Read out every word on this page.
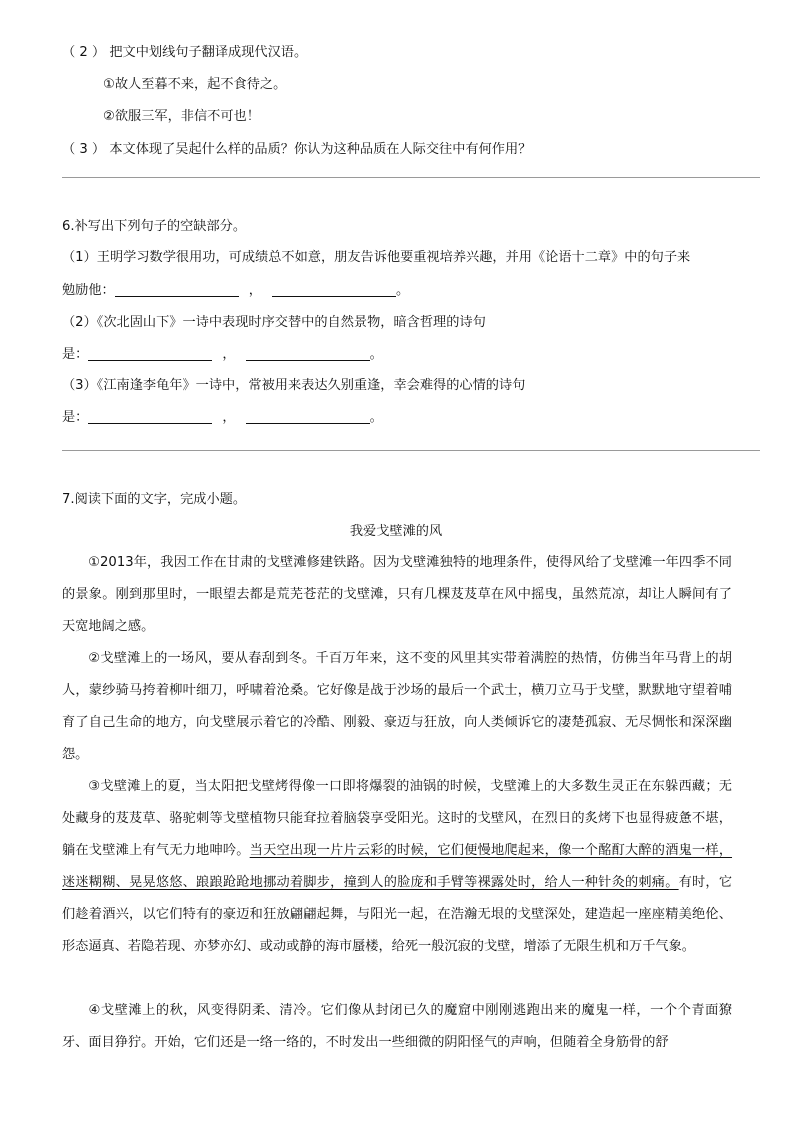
（ 2 ） 把文中划线句子翻译成现代汉语。
①故人至暮不来，起不食待之。
②欲服三军，非信不可也！
（ 3 ） 本文体现了吴起什么样的品质？你认为这种品质在人际交往中有何作用？
6.补写出下列句子的空缺部分。
（1）王明学习数学很用功，可成绩总不如意，朋友告诉他要重视培养兴趣，并用《论语十二章》中的句子来
勉励他：	，	。
（2）《次北固山下》一诗中表现时序交替中的自然景物，暗含哲理的诗句
是：	，	。
（3）《江南逢李龟年》一诗中，常被用来表达久别重逢，幸会难得的心情的诗句
是：	，	。
7.阅读下面的文字，完成小题。
我爱戈壁滩的风
①2013年，我因工作在甘肃的戈壁滩修建铁路。因为戈壁滩独特的地理条件，使得风给了戈壁滩一年四季不同的景象。刚到那里时，一眼望去都是荒芜苍茫的戈壁滩，只有几棵芨芨草在风中摇曳，虽然荒凉，却让人瞬间有了天宽地阔之感。
②戈壁滩上的一场风，要从春刮到冬。千百万年来，这不变的风里其实带着满腔的热情，仿佛当年马背上的胡人，蒙纱骑马挎着柳叶细刀，呼啸着沧桑。它好像是战于沙场的最后一个武士，横刀立马于戈壁，默默地守望着哺育了自己生命的地方，向戈壁展示着它的冷酷、刚毅、豪迈与狂放，向人类倾诉它的凄楚孤寂、无尽惆怅和深深幽怨。
③戈壁滩上的夏，当太阳把戈壁烤得像一口即将爆裂的油锅的时候，戈壁滩上的大多数生灵正在东躲西藏；无处藏身的芨芨草、骆驼刺等戈壁植物只能耷拉着脑袋享受阳光。这时的戈壁风，在烈日的炙烤下也显得疲惫不堪，躺在戈壁滩上有气无力地呻吟。当天空出现一片片云彩的时候，它们便慢地爬起来，像一个酩酊大醉的酒鬼一样，迷迷糊糊、晃晃悠悠、踉踉跄跄地挪动着脚步，撞到人的脸庞和手臂等裸露处时，给人一种针灸的刺痛。有时，它们趁着酒兴，以它们特有的豪迈和狂放翩翩起舞，与阳光一起，在浩瀚无垠的戈壁深处，建造起一座座精美绝伦、形态逼真、若隐若现、亦梦亦幻、或动或静的海市蜃楼，给死一般沉寂的戈壁，增添了无限生机和万千气象。
④戈壁滩上的秋，风变得阴柔、清冷。它们像从封闭已久的魔窟中刚刚逃跑出来的魔鬼一样，一个个青面獠牙、面目狰狞。开始，它们还是一络一络的，不时发出一些细微的阴阳怪气的声响，但随着全身筋骨的舒
